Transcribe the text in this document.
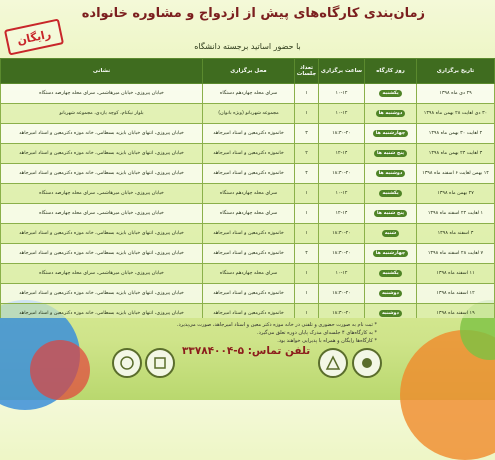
رایگان
زمان‌بندی کارگاه‌های پیش از ازدواج و مشاوره خانواده
با حضور اساتید برجسته دانشگاه
تاریخ برگزاری	روز کارگاه	ساعت برگزاری	تعداد جلسات	محل برگزاری	نشانی
۲۹ دی ماه ۱۳۹۸	یکشنبه	۱۰-۱۲	۱	سرای محله چهاردهم دستگاه	خیابان پیروزی، خیابان میرهاشمی، سرای محله چهارصد دستگاه
۳۰ دی لغایت ۲۸ بهمن ماه ۱۳۹۸	دوشنبه ها	۱۰-۱۲	۱	مجموعه شهربانو (ویژه بانوان)	بلوار نیکنام، کوچه یازدی، مجموعه شهربانو
۲ لغایت ۳۰ بهمن ماه ۱۳۹۸	چهارشنبه ها	۱۸:۳۰-۲۰	۳	خانموزه دکترمعین و استاد امیرجاهد	خیابان پیروزی، انتهای خیابان بایزید بسطامی، خانه موزه دکترمعین و استاد امیرجاهد
۳ لغایت ۲۴ بهمن ماه ۱۳۹۸	پنج شنبه ها	۱۲-۱۴	۲	خانموزه دکترمعین و استاد امیرجاهد	خیابان پیروزی، انتهای خیابان بایزید بسطامی، خانه موزه دکترمعین و استاد امیرجاهد
۱۴ بهمن لغایت ۶ اسفند ماه ۱۳۹۸	دوشنبه ها	۱۸:۳۰-۲۰	۴	خانموزه دکترمعین و استاد امیرجاهد	خیابان پیروزی، انتهای خیابان بایزید بسطامی، خانه موزه دکترمعین و استاد امیرجاهد
۲۷ بهمن ماه ۱۳۹۸	یکشنبه	۱۰-۱۲	۱	سرای محله چهاردهم دستگاه	خیابان پیروزی، خیابان میرهاشمی، سرای محله چهارصد دستگاه
۱ لغایت ۲۲ اسفند ماه ۱۳۹۸	پنج شنبه ها	۱۲-۱۴	۱	سرای محله چهاردهم دستگاه	خیابان پیروزی، خیابان میرهاشمی، سرای محله چهارصد دستگاه
۳ اسفند ماه ۱۳۹۸	شنبه	۱۸:۳۰-۲۰	۱	خانموزه دکترمعین و استاد امیرجاهد	خیابان پیروزی، انتهای خیابان بایزید بسطامی، خانه موزه دکترمعین و استاد امیرجاهد
۷ لغایت ۲۸ اسفند ماه ۱۳۹۸	چهارشنبه ها	۱۸:۳۰-۲۰	۴	خانموزه دکترمعین و استاد امیرجاهد	خیابان پیروزی، انتهای خیابان بایزید بسطامی، خانه موزه دکترمعین و استاد امیرجاهد
۱۱ اسفند ماه ۱۳۹۸	یکشنبه	۱۰-۱۲	۱	سرای محله چهاردهم دستگاه	خیابان پیروزی، خیابان میرهاشمی، سرای محله چهارصد دستگاه
۱۲ اسفند ماه ۱۳۹۸	دوشنبه	۱۸:۳۰-۲۰	۱	خانموزه دکترمعین و استاد امیرجاهد	خیابان پیروزی، انتهای خیابان بایزید بسطامی، خانه موزه دکترمعین و استاد امیرجاهد
۱۹ اسفند ماه ۱۳۹۸	دوشنبه	۱۸:۳۰-۲۰	۱	خانموزه دکترمعین و استاد امیرجاهد	خیابان پیروزی، انتهای خیابان بایزید بسطامی، خانه موزه دکترمعین و استاد امیرجاهد
* ثبت نام به صورت حضوری و تلفنی در خانه موزه دکتر معین و استاد امیرجاهد، صورت می‌پذیرد.
* به کارگاه‌های ۴ جلسه‌ای مدرک پایان دوره تعلق می‌گیرد.
* کارگاه‌ها رایگان و همراه با پذیرایی خواهند بود.
تلفن تماس: ۵-۳۳۷۸۴۰۰۴
